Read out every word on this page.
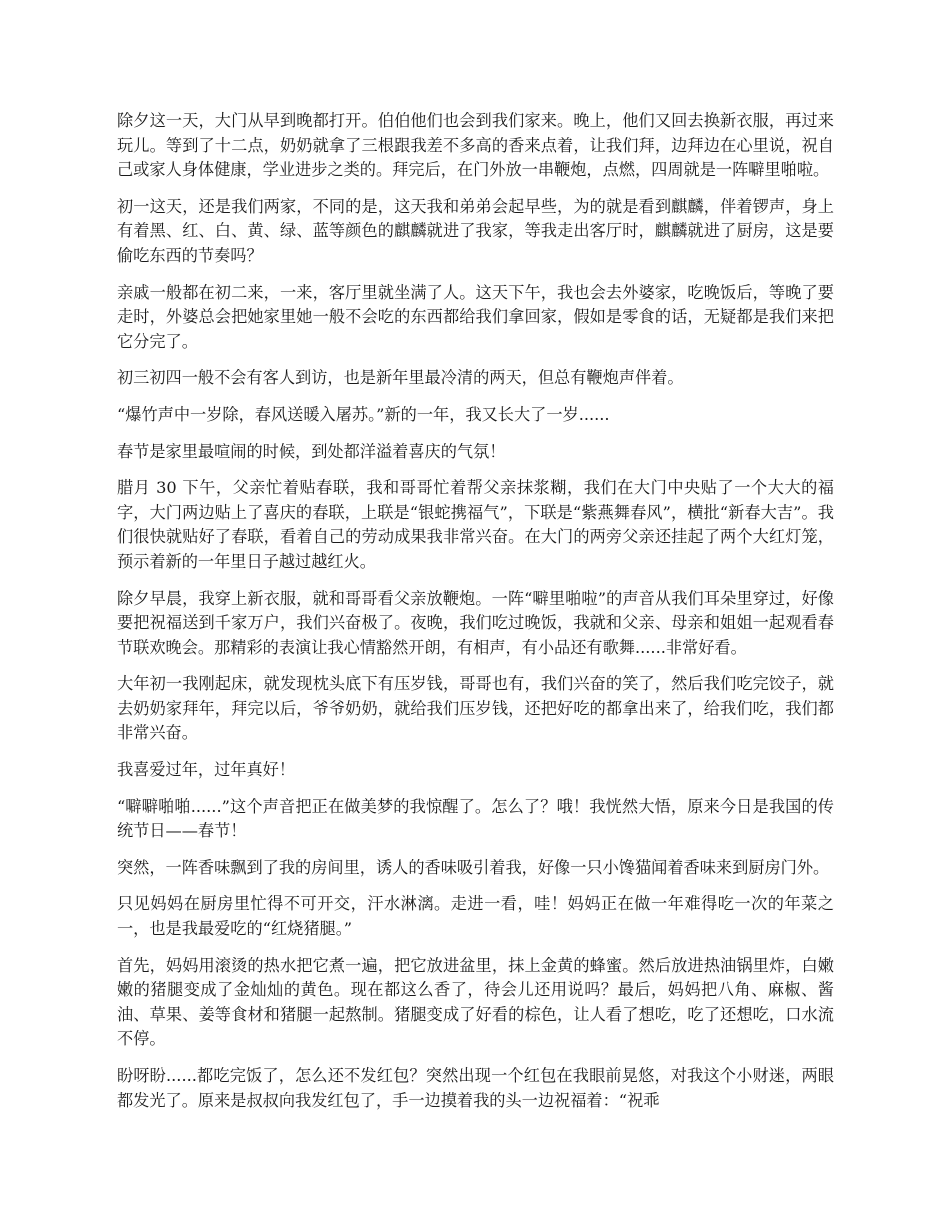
除夕这一天，大门从早到晚都打开。伯伯他们也会到我们家来。晚上，他们又回去换新衣服，再过来玩儿。等到了十二点，奶奶就拿了三根跟我差不多高的香来点着，让我们拜，边拜边在心里说，祝自己或家人身体健康，学业进步之类的。拜完后，在门外放一串鞭炮，点燃，四周就是一阵噼里啪啦。

初一这天，还是我们两家，不同的是，这天我和弟弟会起早些，为的就是看到麒麟，伴着锣声，身上有着黑、红、白、黄、绿、蓝等颜色的麒麟就进了我家，等我走出客厅时，麒麟就进了厨房，这是要偷吃东西的节奏吗？

亲戚一般都在初二来，一来，客厅里就坐满了人。这天下午，我也会去外婆家，吃晚饭后，等晚了要走时，外婆总会把她家里她一般不会吃的东西都给我们拿回家，假如是零食的话，无疑都是我们来把它分完了。

初三初四一般不会有客人到访，也是新年里最冷清的两天，但总有鞭炮声伴着。

“爆竹声中一岁除，春风送暖入屠苏。”新的一年，我又长大了一岁......

春节是家里最喧闹的时候，到处都洋溢着喜庆的气氛！

腊月 30 下午，父亲忙着贴春联，我和哥哥忙着帮父亲抹浆糊，我们在大门中央贴了一个大大的福字，大门两边贴上了喜庆的春联，上联是“银蛇携福气”，下联是“紫燕舞春风”，横批“新春大吉”。我们很快就贴好了春联，看着自己的劳动成果我非常兴奋。在大门的两旁父亲还挂起了两个大红灯笼，预示着新的一年里日子越过越红火。

除夕早晨，我穿上新衣服，就和哥哥看父亲放鞭炮。一阵“噼里啪啦”的声音从我们耳朵里穿过，好像要把祝福送到千家万户，我们兴奋极了。夜晚，我们吃过晚饭，我就和父亲、母亲和姐姐一起观看春节联欢晚会。那精彩的表演让我心情豁然开朗，有相声，有小品还有歌舞......非常好看。

大年初一我刚起床，就发现枕头底下有压岁钱，哥哥也有，我们兴奋的笑了，然后我们吃完饺子，就去奶奶家拜年，拜完以后，爷爷奶奶，就给我们压岁钱，还把好吃的都拿出来了，给我们吃，我们都非常兴奋。

我喜爱过年，过年真好！

“噼噼啪啪......”这个声音把正在做美梦的我惊醒了。怎么了？哦！我恍然大悟，原来今日是我国的传统节日——春节！

突然，一阵香味飘到了我的房间里，诱人的香味吸引着我，好像一只小馋猫闻着香味来到厨房门外。

只见妈妈在厨房里忙得不可开交，汗水淋漓。走进一看，哇！妈妈正在做一年难得吃一次的年菜之一，也是我最爱吃的“红烧猪腿。”

首先，妈妈用滚烫的热水把它煮一遍，把它放进盆里，抹上金黄的蜂蜜。然后放进热油锅里炸，白嫩嫩的猪腿变成了金灿灿的黄色。现在都这么香了，待会儿还用说吗？最后，妈妈把八角、麻椒、酱油、草果、姜等食材和猪腿一起熬制。猪腿变成了好看的棕色，让人看了想吃，吃了还想吃，口水流不停。

盼呀盼......都吃完饭了，怎么还不发红包？突然出现一个红包在我眼前晃悠，对我这个小财迷，两眼都发光了。原来是叔叔向我发红包了，手一边摸着我的头一边祝福着：“祝乖
